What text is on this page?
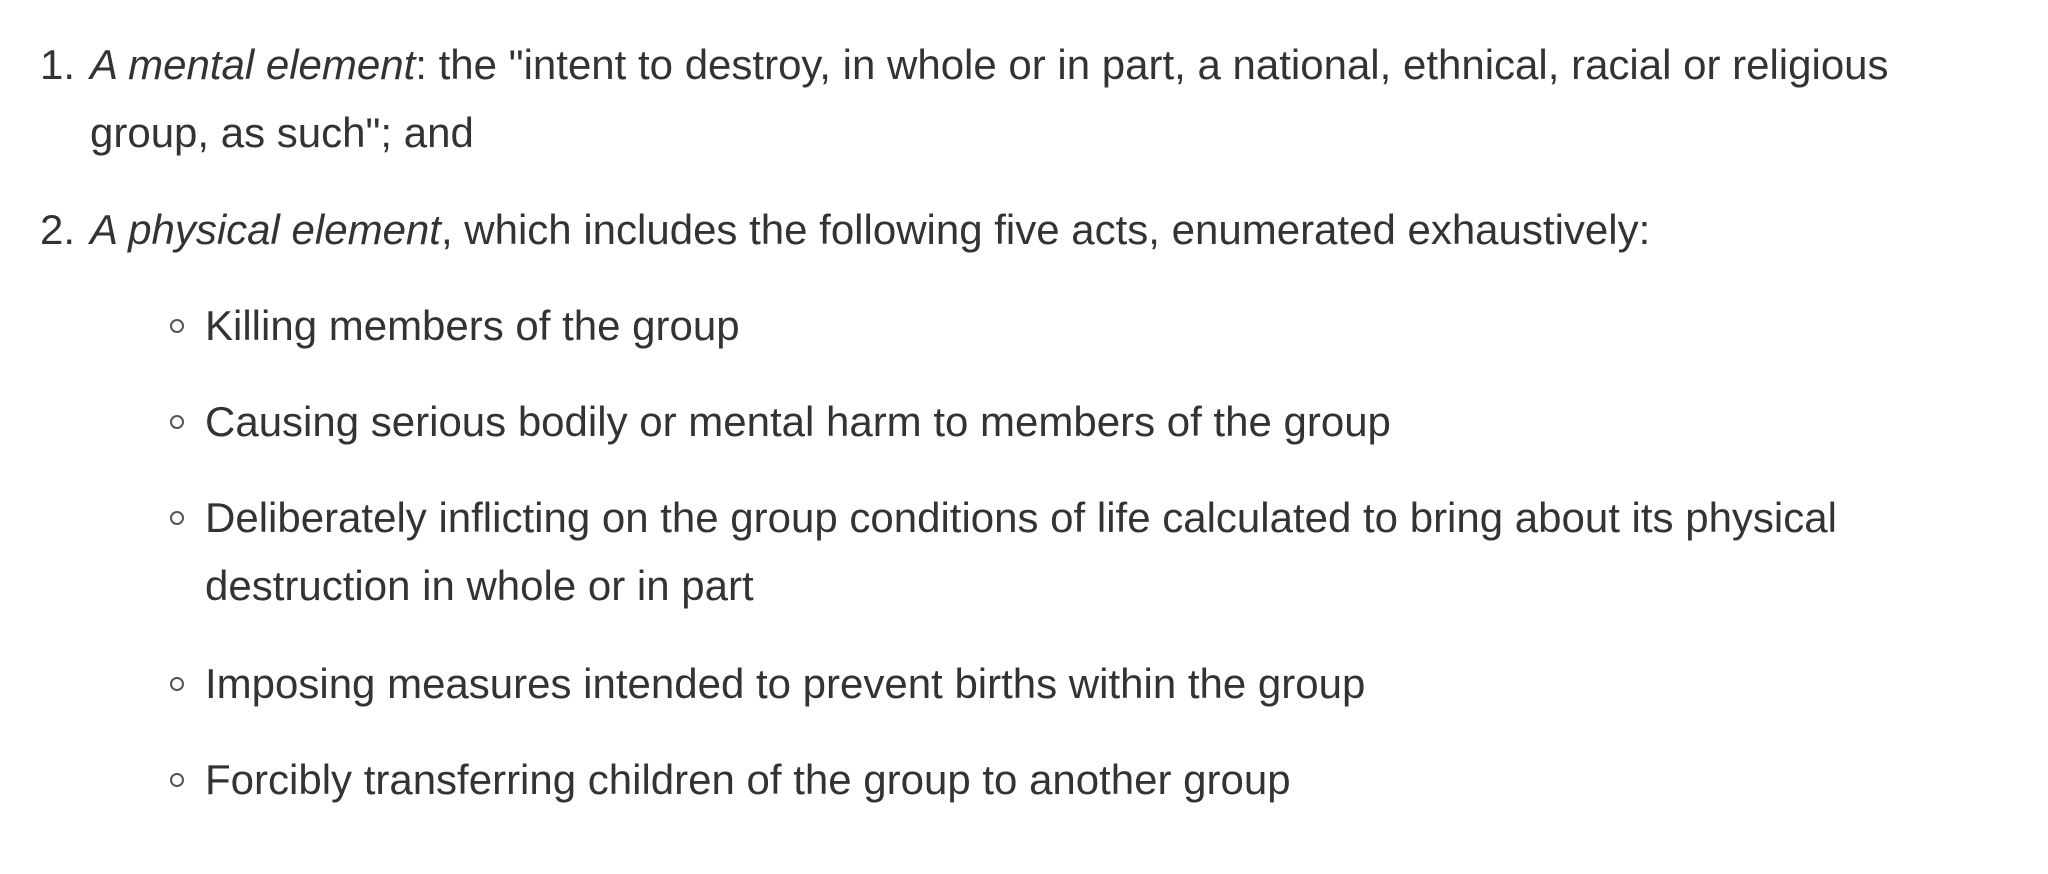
1. A mental element: the "intent to destroy, in whole or in part, a national, ethnical, racial or religious
group, as such"; and
2. A physical element, which includes the following five acts, enumerated exhaustively:
Killing members of the group
Causing serious bodily or mental harm to members of the group
Deliberately inflicting on the group conditions of life calculated to bring about its physical
destruction in whole or in part
Imposing measures intended to prevent births within the group
Forcibly transferring children of the group to another group
